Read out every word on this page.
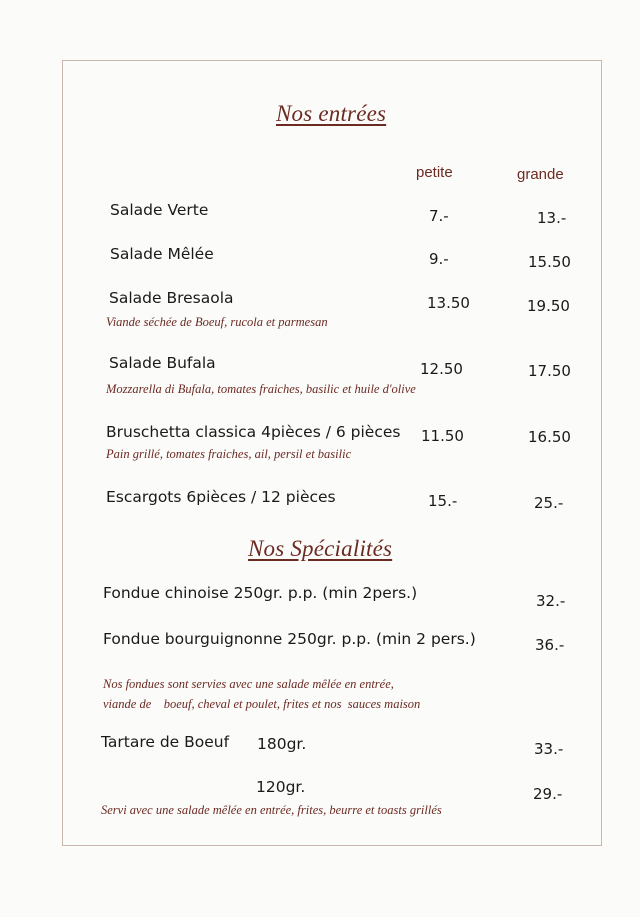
Nos entrées
petite	grande
Salade Verte	7.-	13.-
Salade Mêlée	9.-	15.50
Salade Bresaola	13.50	19.50
Viande séchée de Boeuf, rucola et parmesan
Salade Bufala	12.50	17.50
Mozzarella di Bufala, tomates fraiches, basilic et huile d'olive
Bruschetta classica 4pièces / 6 pièces 11.50	16.50
Pain grillé, tomates fraiches, ail, persil et basilic
Escargots 6pièces / 12 pièces	15.-	25.-
Nos Spécialités
Fondue chinoise 250gr. p.p. (min 2pers.)	32.-
Fondue bourguignonne 250gr. p.p. (min 2 pers.)	36.-
Nos fondues sont servies avec une salade mêlée en entrée,
viande de    boeuf, cheval et poulet, frites et nos  sauces maison
Tartare de Boeuf 180gr.	33.-
120gr.	29.-
Servi avec une salade mêlée en entrée, frites, beurre et toasts grillés
